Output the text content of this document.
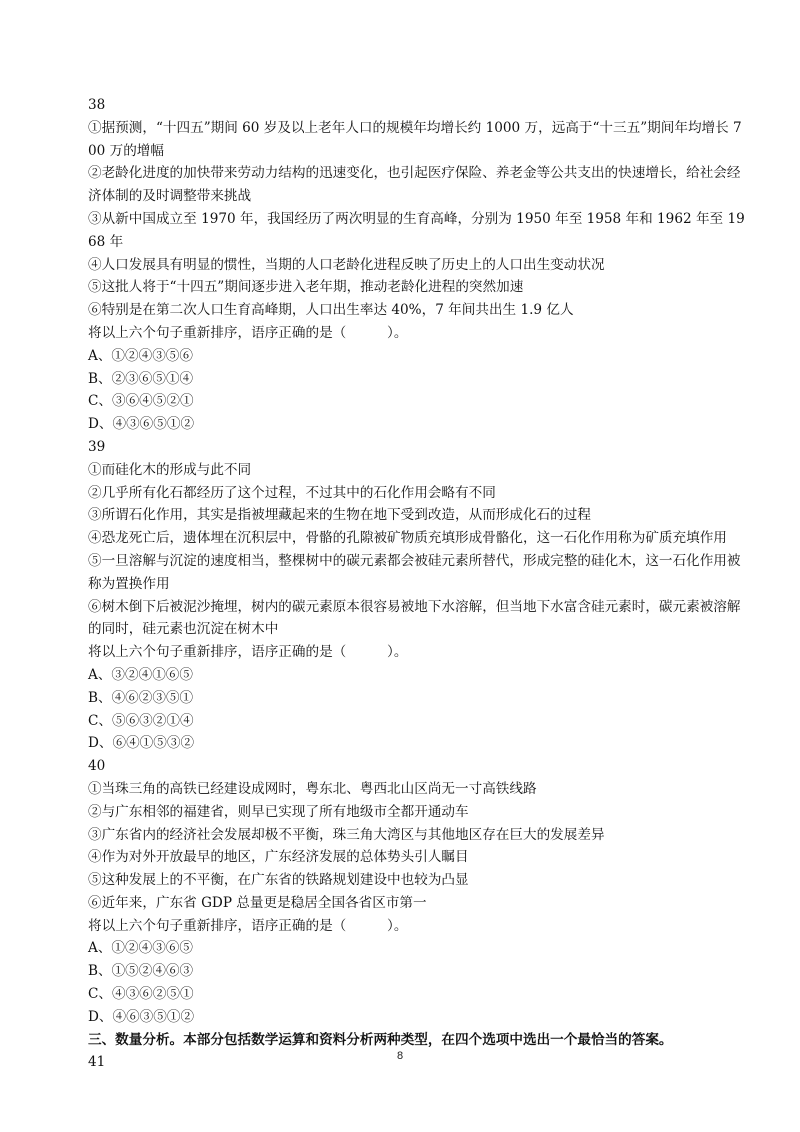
38

①据预测，“十四五”期间 60 岁及以上老年人口的规模年均增长约 1000 万，远高于“十三五”期间年均增长 700 万的增幅

②老龄化进度的加快带来劳动力结构的迅速变化，也引起医疗保险、养老金等公共支出的快速增长，给社会经济体制的及时调整带来挑战

③从新中国成立至 1970 年，我国经历了两次明显的生育高峰，分别为 1950 年至 1958 年和 1962 年至 1968 年

④人口发展具有明显的惯性，当期的人口老龄化进程反映了历史上的人口出生变动状况

⑤这批人将于“十四五”期间逐步进入老年期，推动老龄化进程的突然加速

⑥特别是在第二次人口生育高峰期，人口出生率达 40%，7 年间共出生 1.9 亿人

将以上六个句子重新排序，语序正确的是（　　　）。

A、①②④③⑤⑥

B、②③⑥⑤①④

C、③⑥④⑤②①

D、④③⑥⑤①②

39

①而硅化木的形成与此不同

②几乎所有化石都经历了这个过程，不过其中的石化作用会略有不同

③所谓石化作用，其实是指被埋藏起来的生物在地下受到改造，从而形成化石的过程

④恐龙死亡后，遗体埋在沉积层中，骨骼的孔隙被矿物质充填形成骨骼化，这一石化作用称为矿质充填作用

⑤一旦溶解与沉淀的速度相当，整棵树中的碳元素都会被硅元素所替代，形成完整的硅化木，这一石化作用被称为置换作用

⑥树木倒下后被泥沙掩埋，树内的碳元素原本很容易被地下水溶解，但当地下水富含硅元素时，碳元素被溶解的同时，硅元素也沉淀在树木中

将以上六个句子重新排序，语序正确的是（　　　）。

A、③②④①⑥⑤

B、④⑥②③⑤①

C、⑤⑥③②①④

D、⑥④①⑤③②

40

①当珠三角的高铁已经建设成网时，粤东北、粤西北山区尚无一寸高铁线路

②与广东相邻的福建省，则早已实现了所有地级市全都开通动车

③广东省内的经济社会发展却极不平衡，珠三角大湾区与其他地区存在巨大的发展差异

④作为对外开放最早的地区，广东经济发展的总体势头引人瞩目

⑤这种发展上的不平衡，在广东省的铁路规划建设中也较为凸显

⑥近年来，广东省 GDP 总量更是稳居全国各省区市第一

将以上六个句子重新排序，语序正确的是（　　　）。

A、①②④③⑥⑤

B、①⑤②④⑥③

C、④③⑥②⑤①

D、④⑥③⑤①②

三、数量分析。本部分包括数学运算和资料分析两种类型，在四个选项中选出一个最恰当的答案。

41	8
